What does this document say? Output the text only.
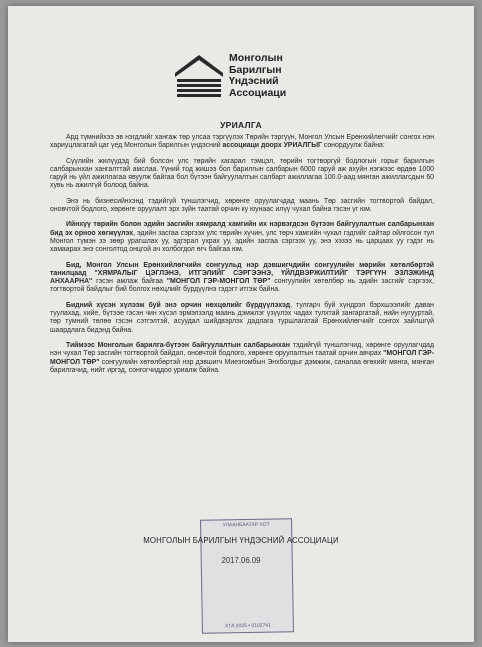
Монголын
Барилгын
Үндэсний
Ассоциаци
УРИАЛГА

Ард түмнийхээ эв нэгдлийг хангаж төр улсаа тэргүүлэх Төрийн тэргүүн, Монгол Улсын Ерөнхийлөгчийг сонгох нэн хариуцлагатай цаг үед Монголын барилгын үндэсний ассоциаци доорх УРИАЛГЫГ сонордуулж байна:

Сүүлийн жилүүдэд бий болсон улс төрийн хагарал тэмцэл, төрийн тогтворгүй бодлогын горыг барилгын салбарынхан хангалттай амслаа. Үүний тод жишээ бол барилгын салбарын 6000 гаруй аж ахуйн нэгжээс өрдөө 1000 гаруй нь үйл ажиллагаа явуулж байгаа бол бүтээн байгуулалтын салбарт ажиллагаа 100.0-аад мянган ажиллагсдын 60 хувь нь ажилгүй болоод байна.

Энэ нь бизнесийнхэнд тэдийгүй түншлэгчид, хөрөнге оруулагчдад маань Төр засгийн тогтвортой байдал, оновчтой бодлого, хөрөнге оруулалт эрх зүйн таатай орчин ку юунаас илүү чухал байна гэсэн үг юм.

Ийнхүү төрийн болон эдийн засгийн хямралд хамгийн их нэрвэгдсэн бүтээн байгуулалтын салбарынхан бид эх орноо хөгжүүлэх, эдийн засгаа сэргээх улс төрийн хүчин, улс төрч хамгийн чухал гэдгийг сайтар ойлгосон тул Монгол түмэн зэ зөөр урагшлах уу, эдгэрал ухрах уу, эдийн засгаа сэргээх уу, энэ хэзээ нь царцаах уу гэдэг нь хамаарах энэ сонголтод онцгой ач холбогдол өгч байгаа юм.

Бид, Монгол Улсын Ерөнхийлөгчийн сонгуульд нэр дэвшигчдийн сонгуулийн мөрийн хөтөлбөртэй танилцаад "ХЯМРАЛЫГ ЦЭГЛЭНЭ, ИТГЭЛИЙГ СЭРГЭЭНЭ, ҮЙЛДВЭРЖИЛТИЙГ ТЭРГҮҮН ЭЗЛЭЖИНД АНХААРНА" гэсэн амлаж байгаа "МОНГОЛ ГЭР-МОНГОЛ ТӨР" сонгуулийн хөтөлбөр нь эдийн засгийг сэргээх, тогтвортой байдлыг бий болгох нөхцлийг бүрдүүлнэ гэдэгт итгэж байна.

Бидний хүсэн хүлээж буй энэ орчин нөхцөлийг бүрдүүлэхэд, тулгарч буй хүндрэл бэрхшээлийг даван туулахад, хийе, бүтээе гэсэн чин хүсэл эрмэлзэлд маань дэмжлэг үзүүлэх чадах тулхтай зангаргатай, нийн нугууртай, төр тумний төлөө гэсэн сэтгэлтэй, асуудал шийдвэрлэх дадлага туршлагатай Ерөнхийлөгчийг сонгох зайлшгүй шаардлага бидэнд байна.

Тиймээс Монголын барилга-бүтээн байгуулалтын салбарынхан тэдийгүй түншлэгчид, хөрөнге оруулагчдад нэн чухал Төр засгийн тогтвортой байдал, оновчтой бодлого, хөрөнге оруулалтын таатай орчин авчрах "МОНГОЛ ГЭР- МОНГОЛ ТӨР" сонгуулийн хөтөлбөртэй нэр дэвшигч Миеэгомбын Энхболдыг дэмжиж, саналаа өгөхийг мянга, мянган барилгачид, нийт иргэд, сонгогчиддоо уриалж байна.

УЛААНБААТАР ХОТ
ХТА 2025 • 0102741
МОНГОЛЫН БАРИЛГЫН ҮНДЭСНИЙ АССОЦИАЦИ
2017.06.09
